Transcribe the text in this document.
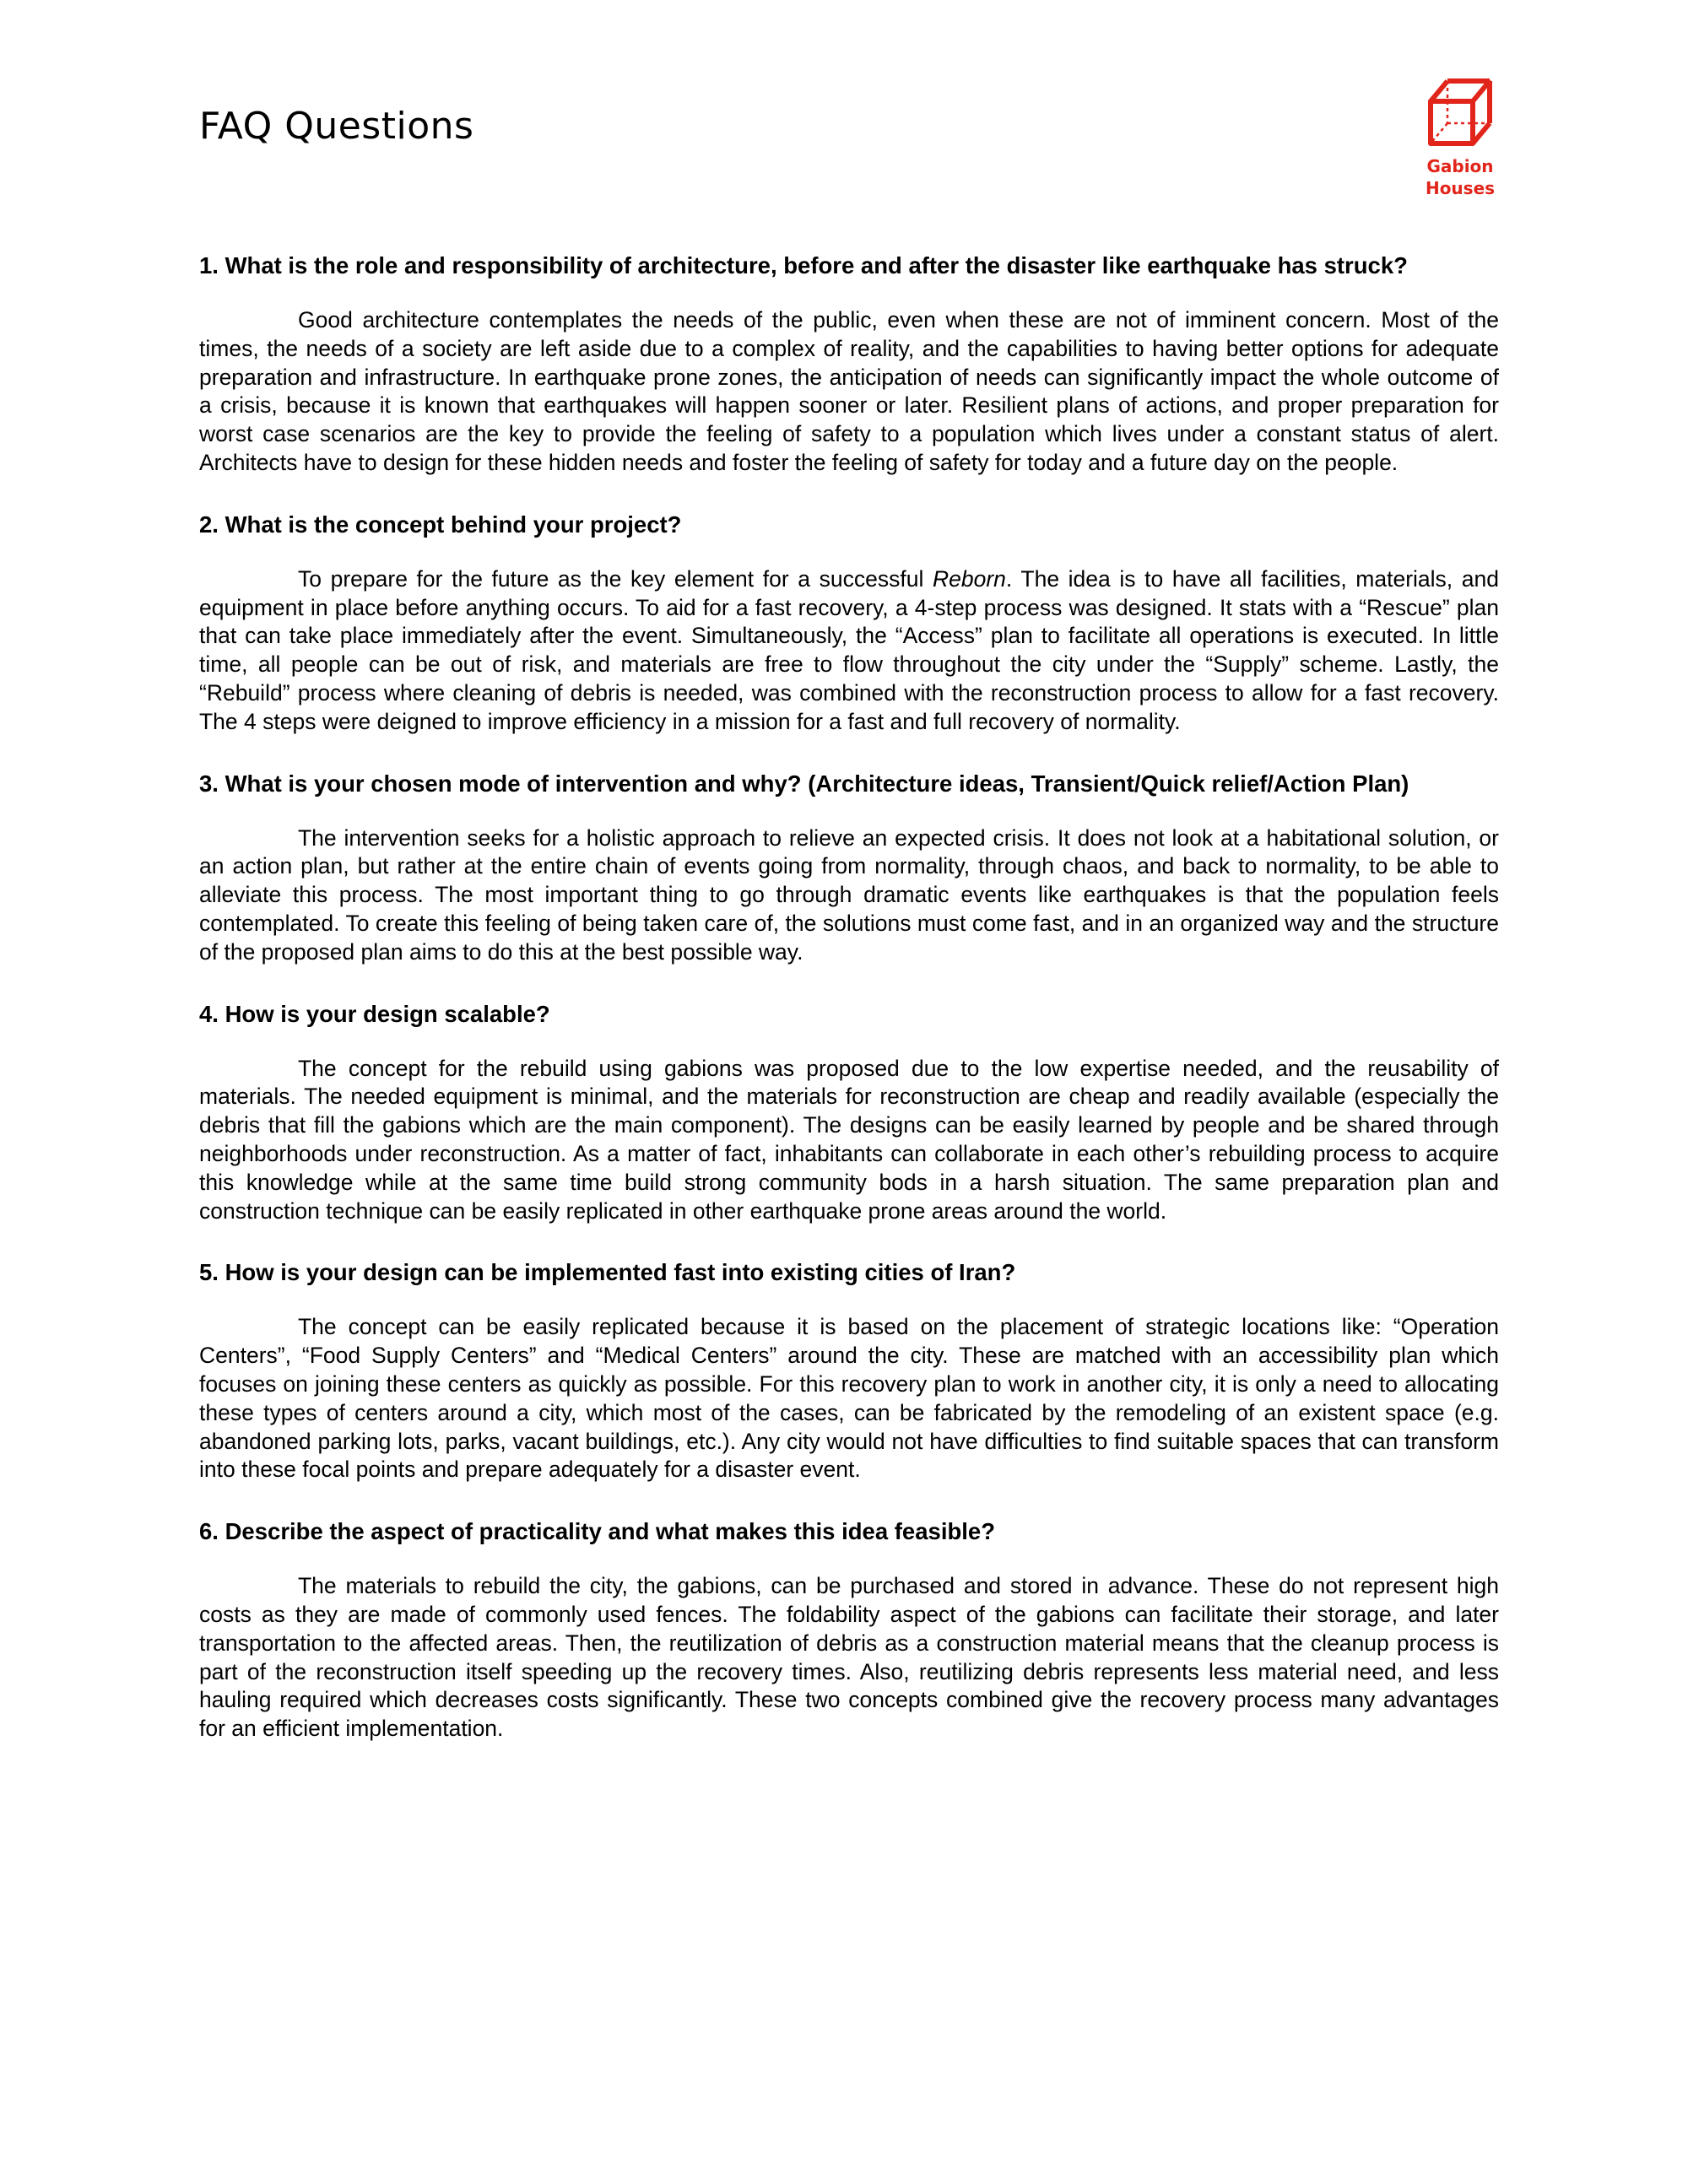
FAQ Questions
Gabion
Houses

1. What is the role and responsibility of architecture, before and after the disaster like earthquake has struck?

Good architecture contemplates the needs of the public, even when these are not of imminent concern. Most of the times, the needs of a society are left aside due to a complex of reality, and the capabilities to having better options for adequate preparation and infrastructure. In earthquake prone zones, the anticipation of needs can significantly impact the whole outcome of a crisis, because it is known that earthquakes will happen sooner or later. Resilient plans of actions, and proper preparation for worst case scenarios are the key to provide the feeling of safety to a population which lives under a constant status of alert. Architects have to design for these hidden needs and foster the feeling of safety for today and a future day on the people.

2. What is the concept behind your project?

To prepare for the future as the key element for a successful Reborn. The idea is to have all facilities, materials, and equipment in place before anything occurs. To aid for a fast recovery, a 4-step process was designed. It stats with a “Rescue” plan that can take place immediately after the event. Simultaneously, the “Access” plan to facilitate all operations is executed. In little time, all people can be out of risk, and materials are free to flow throughout the city under the “Supply” scheme. Lastly, the “Rebuild” process where cleaning of debris is needed, was combined with the reconstruction process to allow for a fast recovery. The 4 steps were deigned to improve efficiency in a mission for a fast and full recovery of normality.

3. What is your chosen mode of intervention and why? (Architecture ideas, Transient/Quick relief/Action Plan)

The intervention seeks for a holistic approach to relieve an expected crisis. It does not look at a habitational solution, or an action plan, but rather at the entire chain of events going from normality, through chaos, and back to normality, to be able to alleviate this process. The most important thing to go through dramatic events like earthquakes is that the population feels contemplated. To create this feeling of being taken care of, the solutions must come fast, and in an organized way and the structure of the proposed plan aims to do this at the best possible way.

4. How is your design scalable?

The concept for the rebuild using gabions was proposed due to the low expertise needed, and the reusability of materials. The needed equipment is minimal, and the materials for reconstruction are cheap and readily available (especially the debris that fill the gabions which are the main component). The designs can be easily learned by people and be shared through neighborhoods under reconstruction. As a matter of fact, inhabitants can collaborate in each other’s rebuilding process to acquire this knowledge while at the same time build strong community bods in a harsh situation. The same preparation plan and construction technique can be easily replicated in other earthquake prone areas around the world.

5. How is your design can be implemented fast into existing cities of Iran?

The concept can be easily replicated because it is based on the placement of strategic locations like: “Operation Centers”, “Food Supply Centers” and “Medical Centers” around the city. These are matched with an accessibility plan which focuses on joining these centers as quickly as possible. For this recovery plan to work in another city, it is only a need to allocating these types of centers around a city, which most of the cases, can be fabricated by the remodeling of an existent space (e.g. abandoned parking lots, parks, vacant buildings, etc.). Any city would not have difficulties to find suitable spaces that can transform into these focal points and prepare adequately for a disaster event.

6. Describe the aspect of practicality and what makes this idea feasible?

The materials to rebuild the city, the gabions, can be purchased and stored in advance. These do not represent high costs as they are made of commonly used fences. The foldability aspect of the gabions can facilitate their storage, and later transportation to the affected areas. Then, the reutilization of debris as a construction material means that the cleanup process is part of the reconstruction itself speeding up the recovery times. Also, reutilizing debris represents less material need, and less hauling required which decreases costs significantly. These two concepts combined give the recovery process many advantages for an efficient implementation.
